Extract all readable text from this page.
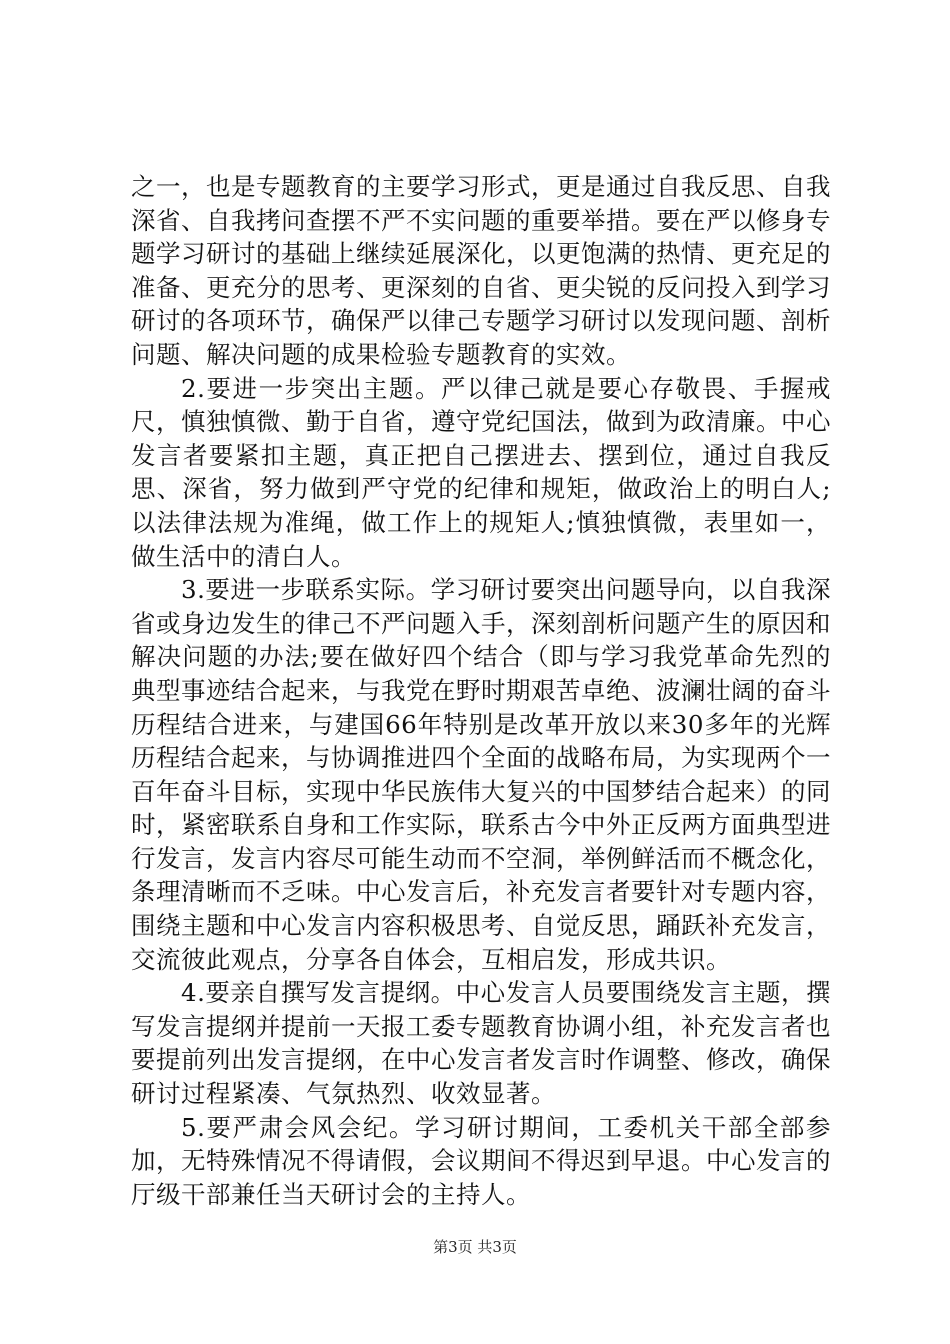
之一，也是专题教育的主要学习形式，更是通过自我反思、自我深省、自我拷问查摆不严不实问题的重要举措。要在严以修身专题学习研讨的基础上继续延展深化，以更饱满的热情、更充足的准备、更充分的思考、更深刻的自省、更尖锐的反问投入到学习研讨的各项环节，确保严以律己专题学习研讨以发现问题、剖析问题、解决问题的成果检验专题教育的实效。

2.要进一步突出主题。严以律己就是要心存敬畏、手握戒尺，慎独慎微、勤于自省，遵守党纪国法，做到为政清廉。中心发言者要紧扣主题，真正把自己摆进去、摆到位，通过自我反思、深省，努力做到严守党的纪律和规矩，做政治上的明白人;以法律法规为准绳，做工作上的规矩人;慎独慎微，表里如一，做生活中的清白人。

3.要进一步联系实际。学习研讨要突出问题导向，以自我深省或身边发生的律己不严问题入手，深刻剖析问题产生的原因和解决问题的办法;要在做好四个结合（即与学习我党革命先烈的典型事迹结合起来，与我党在野时期艰苦卓绝、波澜壮阔的奋斗历程结合进来，与建国66年特别是改革开放以来30多年的光辉历程结合起来，与协调推进四个全面的战略布局，为实现两个一百年奋斗目标，实现中华民族伟大复兴的中国梦结合起来）的同时，紧密联系自身和工作实际，联系古今中外正反两方面典型进行发言，发言内容尽可能生动而不空洞，举例鲜活而不概念化，条理清晰而不乏味。中心发言后，补充发言者要针对专题内容，围绕主题和中心发言内容积极思考、自觉反思，踊跃补充发言，交流彼此观点，分享各自体会，互相启发，形成共识。

4.要亲自撰写发言提纲。中心发言人员要围绕发言主题，撰写发言提纲并提前一天报工委专题教育协调小组，补充发言者也要提前列出发言提纲，在中心发言者发言时作调整、修改，确保研讨过程紧凑、气氛热烈、收效显著。

5.要严肃会风会纪。学习研讨期间，工委机关干部全部参加，无特殊情况不得请假，会议期间不得迟到早退。中心发言的厅级干部兼任当天研讨会的主持人。

第3页 共3页
